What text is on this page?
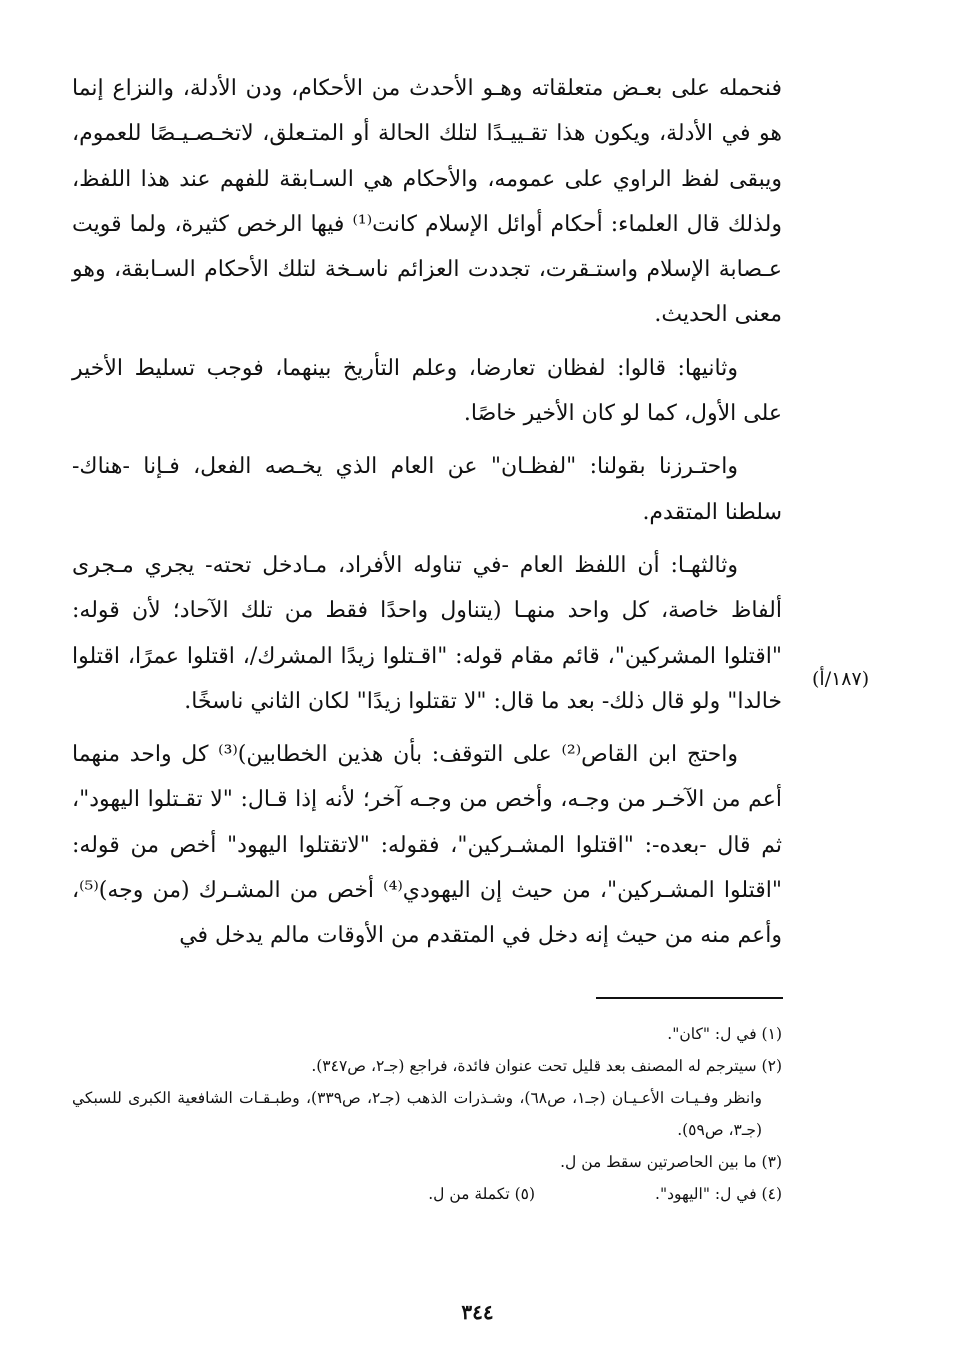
فنحمله على بعـض متعلقاته وهـو الأحدث من الأحكام، ودن الأدلة، والنزاع إنما هو في الأدلة، ويكون هذا تقـييـدًا لتلك الحالة أو المتـعلق، لاتخـصـيـصًا للعموم، ويبقى لفظ الراوي على عمومه، والأحكام هي السـابقة للفهم عند هذا اللفظ، ولذلك قال العلماء: أحكام أوائل الإسلام كانت⁽¹⁾ فيها الرخص كثيرة، ولما قويت عـصابة الإسلام واستـقرت، تجددت العزائم ناسـخة لتلك الأحكام السـابقة، وهو معنى الحديث.

وثانيها: قالوا: لفظان تعارضا، وعلم التأريخ بينهما، فوجب تسليط الأخير على الأول، كما لو كان الأخير خاصًا.

واحتـرزنا بقولنا: "لفظـان" عن العام الذي يخـصه الفعل، فـإنا -هناك- سلطنا المتقدم.

وثالثهـا: أن اللفظ العام -في تناوله الأفراد، مـادخل تحته- يجري مـجرى ألفاظ خاصة، كل واحد منهـا (يتناول واحدًا فقط من تلك الآحاد؛ لأن قوله: "اقتلوا المشركين"، قائم مقام قوله: "اقـتلوا زيدًا المشرك/، اقتلوا عمرًا، اقتلوا خالدا" ولو قال ذلك- بعد ما قال: "لا تقتلوا زيدًا" لكان الثاني ناسخًا.

واحتج ابن القاص⁽²⁾ على التوقف: بأن هذين الخطابين)⁽³⁾ كل واحد منهما أعم من الآخـر من وجـه، وأخص من وجـه آخر؛ لأنه إذا قـال: "لا تقـتلوا اليهود"، ثم قال -بعده-: "اقتلوا المشـركين"، فقوله: "لاتقتلوا اليهود" أخص من قوله: "اقتلوا المشـركين"، من حيث إن اليهودي⁽⁴⁾ أخص من المشـرك (من وجه)⁽⁵⁾، وأعم منه من حيث إنه دخل في المتقدم من الأوقات مالم يدخل في

(١٨٧/أ)

(١) في ل: "كان".

(٢) سيترجم له المصنف بعد قليل تحت عنوان فائدة، فراجع (جـ٢، ص٣٤٧).

وانظر وفـيـات الأعـيـان (جـ١، ص٦٨)، وشـذرات الذهب (جـ٢، ص٣٣٩)، وطبـقـات الشافعية الكبرى للسبكي (جـ٣، ص٥٩).

(٣) ما بين الحاصرتين سقط من ل.

(٤) في ل: "اليهود".

(٥) تكملة من ل.

٣٤٤
